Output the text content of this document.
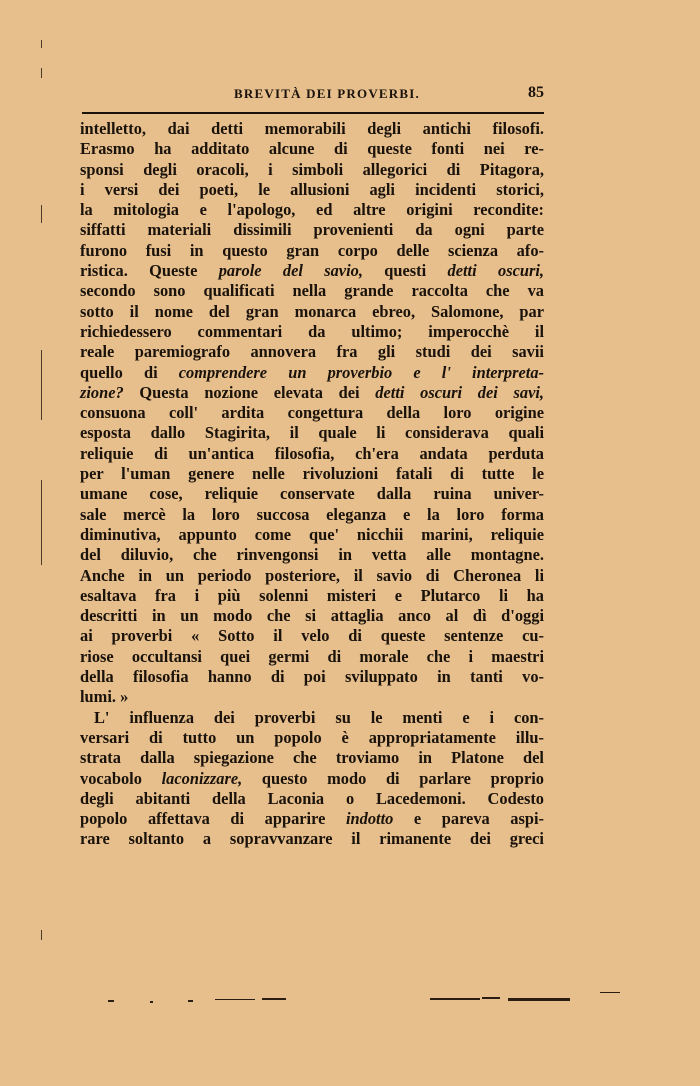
BREVITÀ DEI PROVERBI.	85
intelletto, dai detti memorabili degli antichi filosofi.
Erasmo ha additato alcune di queste fonti nei re-
sponsi degli oracoli, i simboli allegorici di Pitagora,
i versi dei poeti, le allusioni agli incidenti storici,
la mitologia e l'apologo, ed altre origini recondite:
siffatti materiali dissimili provenienti da ogni parte
furono fusi in questo gran corpo delle scienza afo-
ristica. Queste parole del savio, questi detti oscuri,
secondo sono qualificati nella grande raccolta che va
sotto il nome del gran monarca ebreo, Salomone, par
richiedessero commentari da ultimo; imperocchè il
reale paremiografo annovera fra gli studi dei savii
quello di comprendere un proverbio e l' interpreta-
zione? Questa nozione elevata dei detti oscuri dei savi,
consuona coll' ardita congettura della loro origine
esposta dallo Stagirita, il quale li considerava quali
reliquie di un'antica filosofia, ch'era andata perduta
per l'uman genere nelle rivoluzioni fatali di tutte le
umane cose, reliquie conservate dalla ruina univer-
sale mercè la loro succosa eleganza e la loro forma
diminutiva, appunto come que' nicchii marini, reliquie
del diluvio, che rinvengonsi in vetta alle montagne.
Anche in un periodo posteriore, il savio di Cheronea li
esaltava fra i più solenni misteri e Plutarco li ha
descritti in un modo che si attaglia anco al dì d'oggi
ai proverbi « Sotto il velo di queste sentenze cu-
riose occultansi quei germi di morale che i maestri
della filosofia hanno di poi sviluppato in tanti vo-
lumi. »
L' influenza dei proverbi su le menti e i con-
versari di tutto un popolo è appropriatamente illu-
strata dalla spiegazione che troviamo in Platone del
vocabolo laconizzare, questo modo di parlare proprio
degli abitanti della Laconia o Lacedemoni. Codesto
popolo affettava di apparire indotto e pareva aspi-
rare soltanto a sopravvanzare il rimanente dei greci
